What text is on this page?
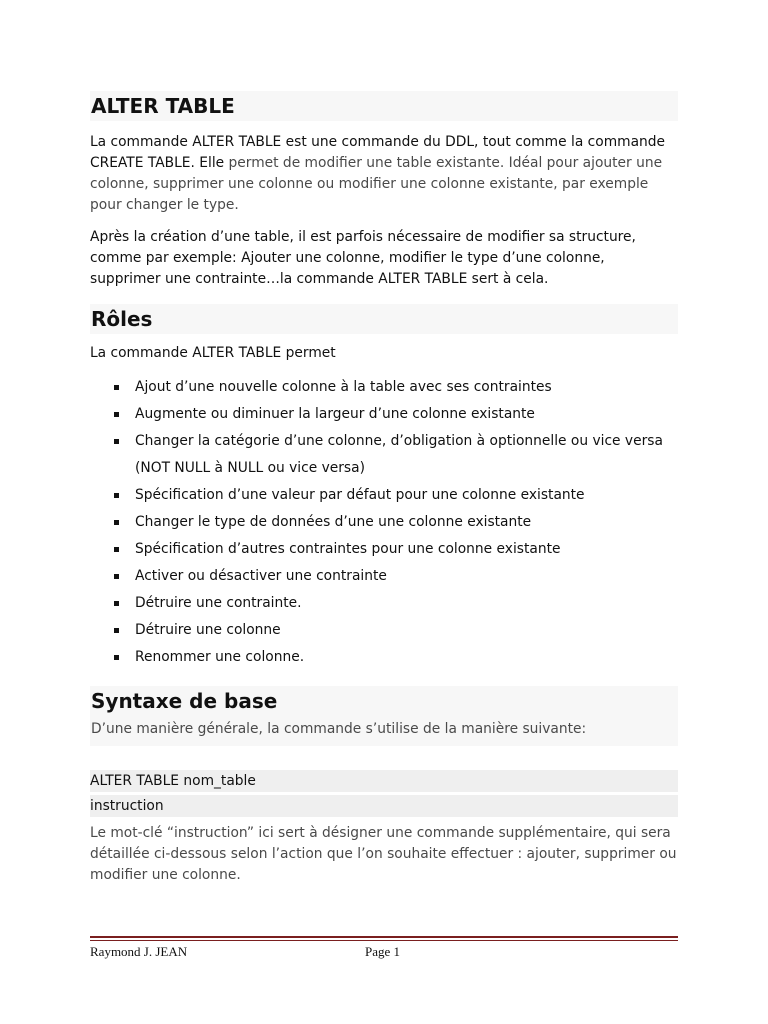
ALTER TABLE

La commande ALTER TABLE est une commande du DDL, tout comme la commande CREATE TABLE. Elle permet de modifier une table existante. Idéal pour ajouter une colonne, supprimer une colonne ou modifier une colonne existante, par exemple pour changer le type.

Après la création d’une table, il est parfois nécessaire de modifier sa structure, comme par exemple: Ajouter une colonne, modifier le type d’une colonne, supprimer une contrainte…la commande ALTER TABLE sert à cela.

Rôles

La commande ALTER TABLE permet

Ajout d’une nouvelle colonne à la table avec ses contraintes
Augmente ou diminuer la largeur d’une colonne existante
Changer la catégorie d’une colonne, d’obligation à optionnelle ou vice versa
(NOT NULL à NULL ou vice versa)
Spécification d’une valeur par défaut pour une colonne existante
Changer le type de données d’une une colonne existante
Spécification d’autres contraintes pour une colonne existante
Activer ou désactiver une contrainte
Détruire une contrainte.
Détruire une colonne
Renommer une colonne.
Syntaxe de base
D’une manière générale, la commande s’utilise de la manière suivante:
ALTER TABLE nom_table
instruction

Le mot-clé “instruction” ici sert à désigner une commande supplémentaire, qui sera détaillée ci-dessous selon l’action que l’on souhaite effectuer : ajouter, supprimer ou modifier une colonne.

Raymond J. JEAN	Page 1
